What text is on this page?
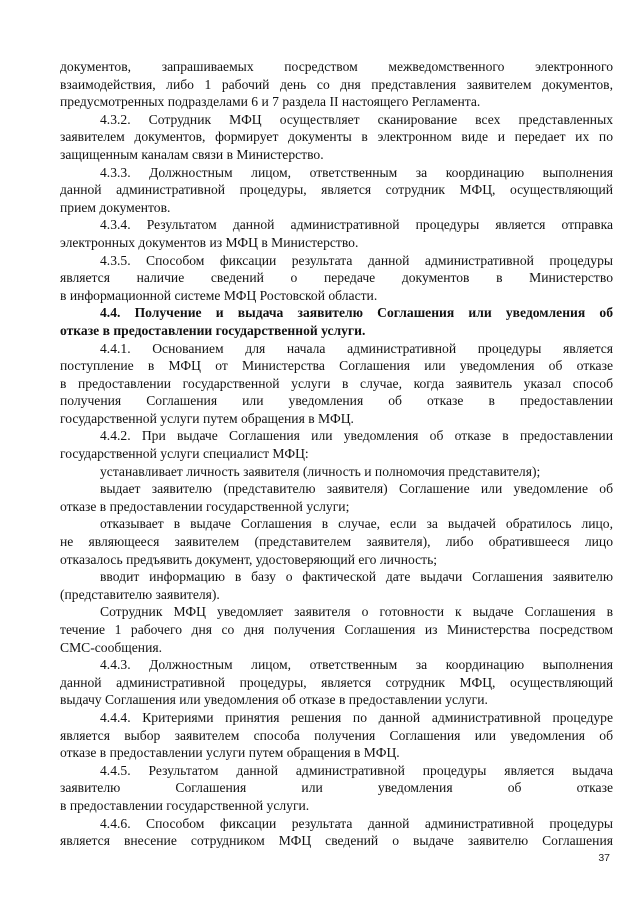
документов, запрашиваемых посредством межведомственного электронного

взаимодействия, либо 1 рабочий день со дня представления заявителем документов,

предусмотренных подразделами 6 и 7 раздела II настоящего Регламента.

4.3.2. Сотрудник МФЦ осуществляет сканирование всех представленных

заявителем документов, формирует документы в электронном виде и передает их по

защищенным каналам связи в Министерство.

4.3.3. Должностным лицом, ответственным за координацию выполнения

данной административной процедуры, является сотрудник МФЦ, осуществляющий

прием документов.

4.3.4. Результатом данной административной процедуры является отправка

электронных документов из МФЦ в Министерство.

4.3.5. Способом фиксации результата данной административной процедуры

является наличие сведений о передаче документов в Министерство

в информационной системе МФЦ Ростовской области.

4.4. Получение и выдача заявителю Соглашения или уведомления об

отказе в предоставлении государственной услуги.

4.4.1. Основанием для начала административной процедуры является

поступление в МФЦ от Министерства Соглашения или уведомления об отказе

в предоставлении государственной услуги в случае, когда заявитель указал способ

получения Соглашения или уведомления об отказе в предоставлении

государственной услуги путем обращения в МФЦ.

4.4.2. При выдаче Соглашения или уведомления об отказе в предоставлении

государственной услуги специалист МФЦ:

устанавливает личность заявителя (личность и полномочия представителя);

выдает заявителю (представителю заявителя) Соглашение или уведомление об

отказе в предоставлении государственной услуги;

отказывает в выдаче Соглашения в случае, если за выдачей обратилось лицо,

не являющееся заявителем (представителем заявителя), либо обратившееся лицо

отказалось предъявить документ, удостоверяющий его личность;

вводит информацию в базу о фактической дате выдачи Соглашения заявителю

(представителю заявителя).

Сотрудник МФЦ уведомляет заявителя о готовности к выдаче Соглашения в

течение 1 рабочего дня со дня получения Соглашения из Министерства посредством

СМС-сообщения.

4.4.3. Должностным лицом, ответственным за координацию выполнения

данной административной процедуры, является сотрудник МФЦ, осуществляющий

выдачу Соглашения или уведомления об отказе в предоставлении услуги.

4.4.4. Критериями принятия решения по данной административной процедуре

является выбор заявителем способа получения Соглашения или уведомления об

отказе в предоставлении услуги путем обращения в МФЦ.

4.4.5. Результатом данной административной процедуры является выдача

заявителю Соглашения или уведомления об отказе

в предоставлении государственной услуги.

4.4.6. Способом фиксации результата данной административной процедуры

является внесение сотрудником МФЦ сведений о выдаче заявителю Соглашения

37
